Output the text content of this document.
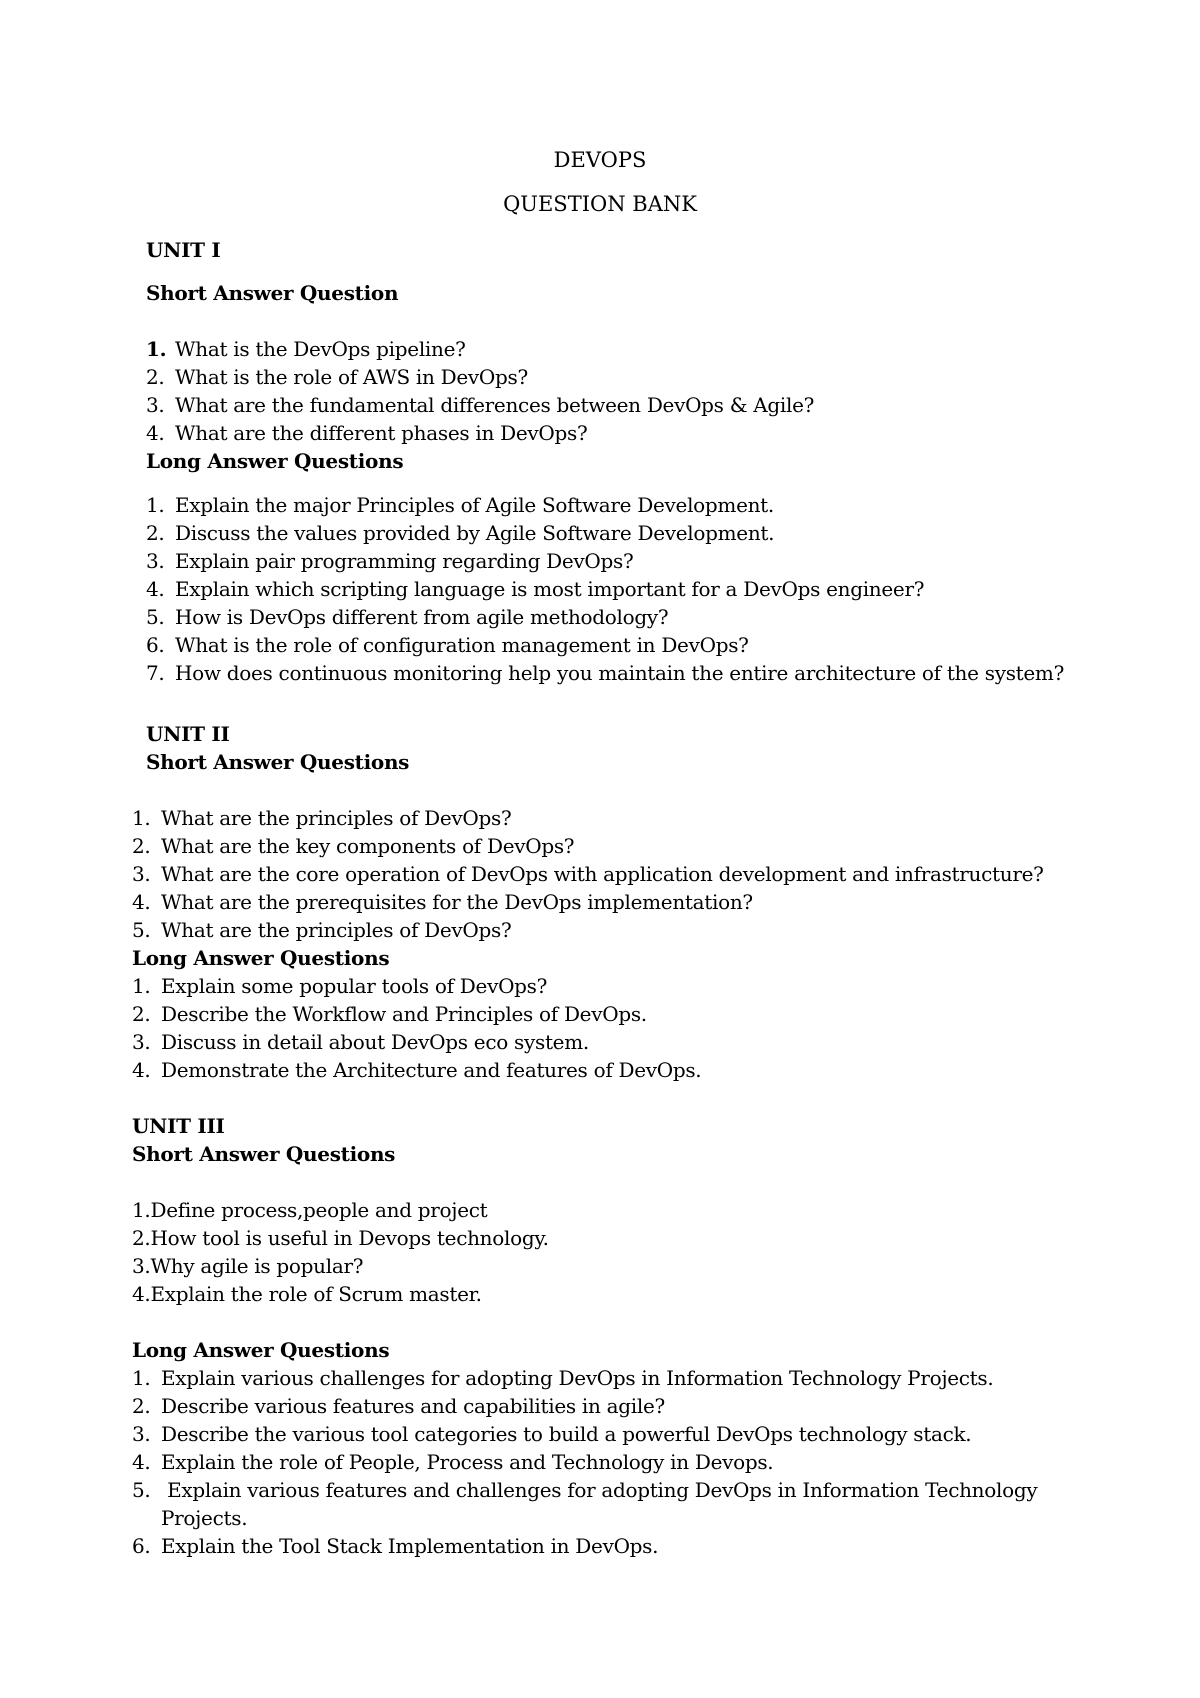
DEVOPS
QUESTION BANK
UNIT I
Short Answer Question
1. What is the DevOps pipeline?
2. What is the role of AWS in DevOps?
3. What are the fundamental differences between DevOps & Agile?
4. What are the different phases in DevOps?
Long Answer Questions
1. Explain the major Principles of Agile Software Development.
2. Discuss the values provided by Agile Software Development.
3. Explain pair programming regarding DevOps?
4. Explain which scripting language is most important for a DevOps engineer?
5. How is DevOps different from agile methodology?
6. What is the role of configuration management in DevOps?
7. How does continuous monitoring help you maintain the entire architecture of the system?
UNIT II
Short Answer Questions
1. What are the principles of DevOps?
2. What are the key components of DevOps?
3. What are the core operation of DevOps with application development and infrastructure?
4. What are the prerequisites for the DevOps implementation?
5. What are the principles of DevOps?
Long Answer Questions
1. Explain some popular tools of DevOps?
2. Describe the Workflow and Principles of DevOps.
3. Discuss in detail about DevOps eco system.
4. Demonstrate the Architecture and features of DevOps.
UNIT III
Short Answer Questions
1.Define process,people and project
2.How tool is useful in Devops technology.
3.Why agile is popular?
4.Explain the role of Scrum master.
Long Answer Questions
1. Explain various challenges for adopting DevOps in Information Technology Projects.
2. Describe various features and capabilities in agile?
3. Describe the various tool categories to build a powerful DevOps technology stack.
4. Explain the role of People, Process and Technology in Devops.
5. Explain various features and challenges for adopting DevOps in Information Technology Projects.
6. Explain the Tool Stack Implementation in DevOps.
